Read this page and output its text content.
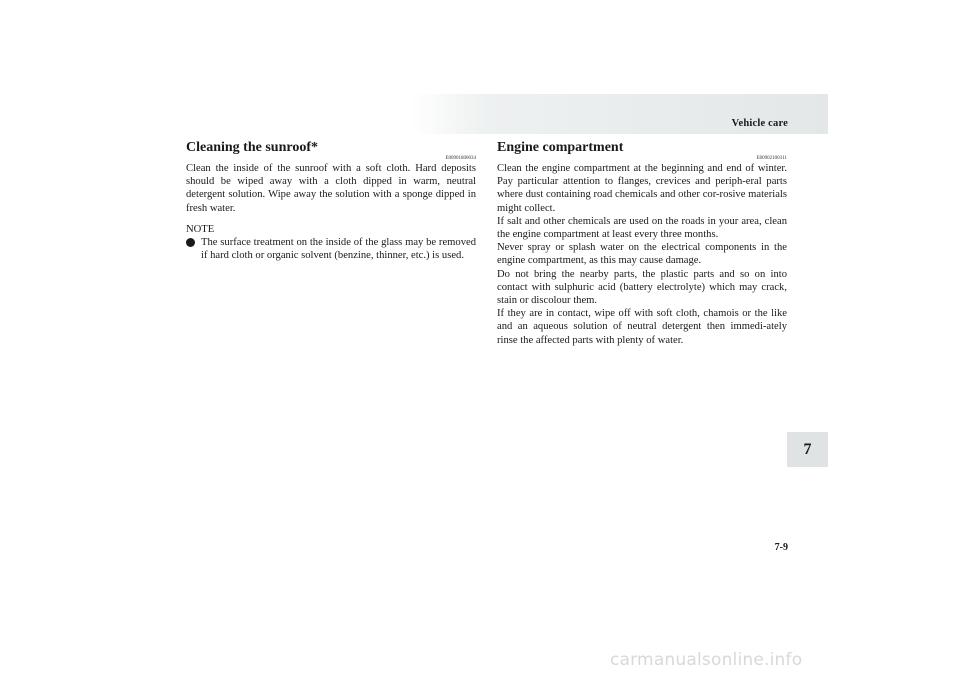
Vehicle care
Cleaning the sunroof*
E00901800034

Clean the inside of the sunroof with a soft cloth. Hard deposits should be wiped away with a cloth dipped in warm, neutral detergent solution. Wipe away the solution with a sponge dipped in fresh water.

NOTE
The surface treatment on the inside of the glass may be removed if hard cloth or organic solvent (benzine, thinner, etc.) is used.
Engine compartment
E00902100311

Clean the engine compartment at the beginning and end of winter. Pay particular attention to flanges, crevices and periph-eral parts where dust containing road chemicals and other cor-rosive materials might collect.

If salt and other chemicals are used on the roads in your area, clean the engine compartment at least every three months.

Never spray or splash water on the electrical components in the engine compartment, as this may cause damage.

Do not bring the nearby parts, the plastic parts and so on into contact with sulphuric acid (battery electrolyte) which may crack, stain or discolour them.

If they are in contact, wipe off with soft cloth, chamois or the like and an aqueous solution of neutral detergent then immedi-ately rinse the affected parts with plenty of water.

7
7-9
carmanualsonline.info
